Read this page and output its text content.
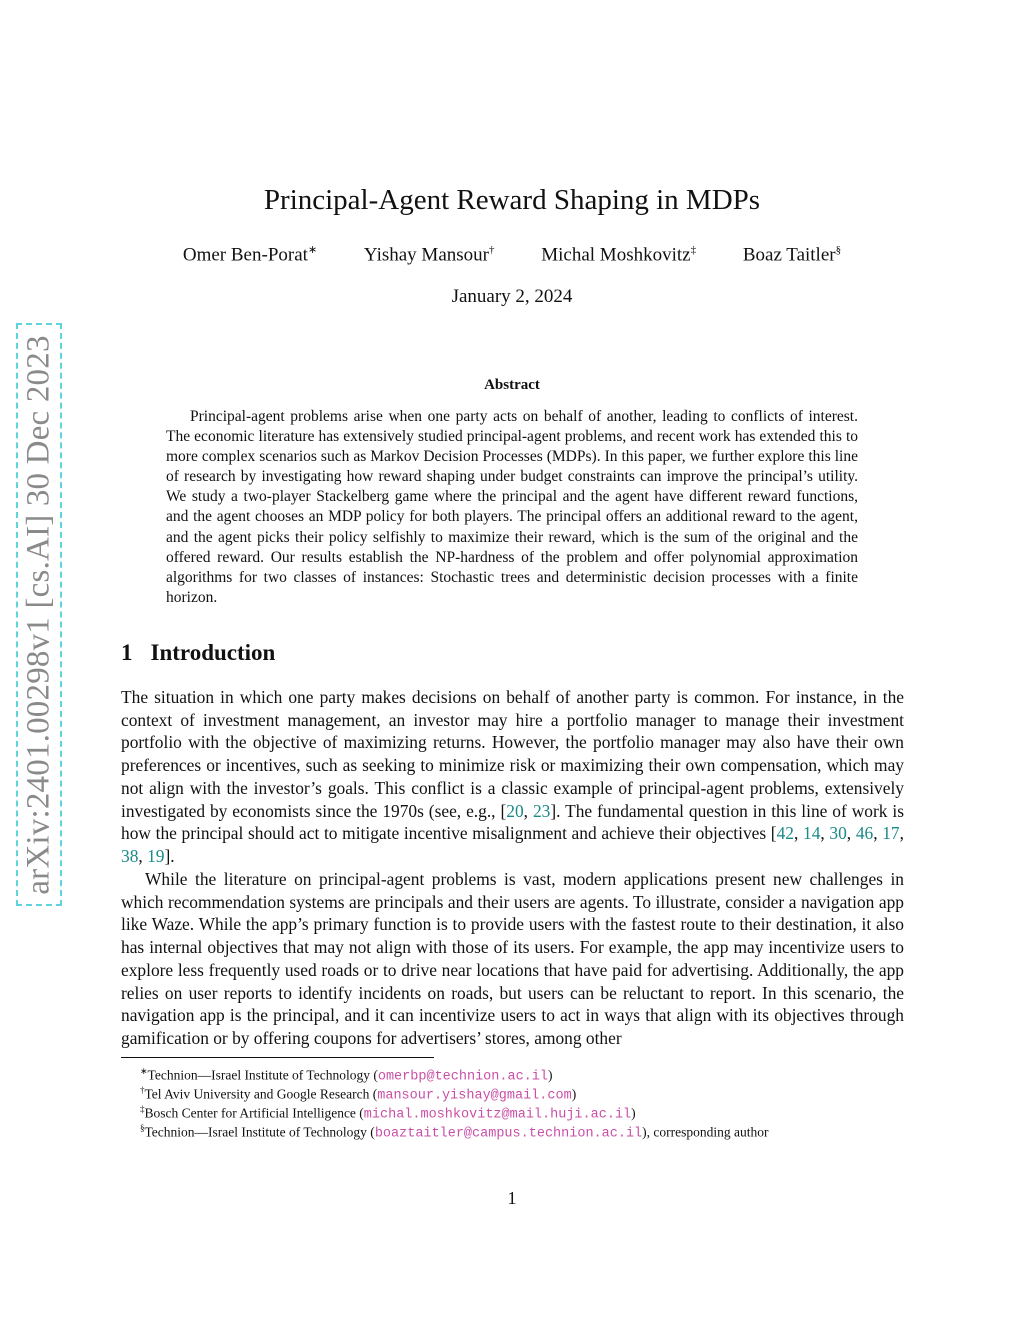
arXiv:2401.00298v1 [cs.AI] 30 Dec 2023
Principal-Agent Reward Shaping in MDPs
Omer Ben-Porat∗ Yishay Mansour† Michal Moshkovitz‡ Boaz Taitler§
January 2, 2024
Abstract

Principal-agent problems arise when one party acts on behalf of another, leading to conflicts of interest. The economic literature has extensively studied principal-agent problems, and recent work has extended this to more complex scenarios such as Markov Decision Processes (MDPs). In this paper, we further explore this line of research by investigating how reward shaping under budget constraints can improve the principal’s utility. We study a two-player Stackelberg game where the principal and the agent have different reward functions, and the agent chooses an MDP policy for both players. The principal offers an additional reward to the agent, and the agent picks their policy selfishly to maximize their reward, which is the sum of the original and the offered reward. Our results establish the NP-hardness of the problem and offer polynomial approximation algorithms for two classes of instances: Stochastic trees and deterministic decision processes with a finite horizon.

1 Introduction

The situation in which one party makes decisions on behalf of another party is common. For instance, in the context of investment management, an investor may hire a portfolio manager to manage their investment portfolio with the objective of maximizing returns. However, the portfolio manager may also have their own preferences or incentives, such as seeking to minimize risk or maximizing their own compensation, which may not align with the investor’s goals. This conflict is a classic example of principal-agent problems, extensively investigated by economists since the 1970s (see, e.g., [20, 23]. The fundamental question in this line of work is how the principal should act to mitigate incentive misalignment and achieve their objectives [42, 14, 30, 46, 17, 38, 19].

While the literature on principal-agent problems is vast, modern applications present new challenges in which recommendation systems are principals and their users are agents. To illustrate, consider a navigation app like Waze. While the app’s primary function is to provide users with the fastest route to their destination, it also has internal objectives that may not align with those of its users. For example, the app may incentivize users to explore less frequently used roads or to drive near locations that have paid for advertising. Additionally, the app relies on user reports to identify incidents on roads, but users can be reluctant to report. In this scenario, the navigation app is the principal, and it can incentivize users to act in ways that align with its objectives through gamification or by offering coupons for advertisers’ stores, among other

∗Technion—Israel Institute of Technology (omerbp@technion.ac.il)
†Tel Aviv University and Google Research (mansour.yishay@gmail.com)
‡Bosch Center for Artificial Intelligence (michal.moshkovitz@mail.huji.ac.il)
§Technion—Israel Institute of Technology (boaztaitler@campus.technion.ac.il), corresponding author
1
